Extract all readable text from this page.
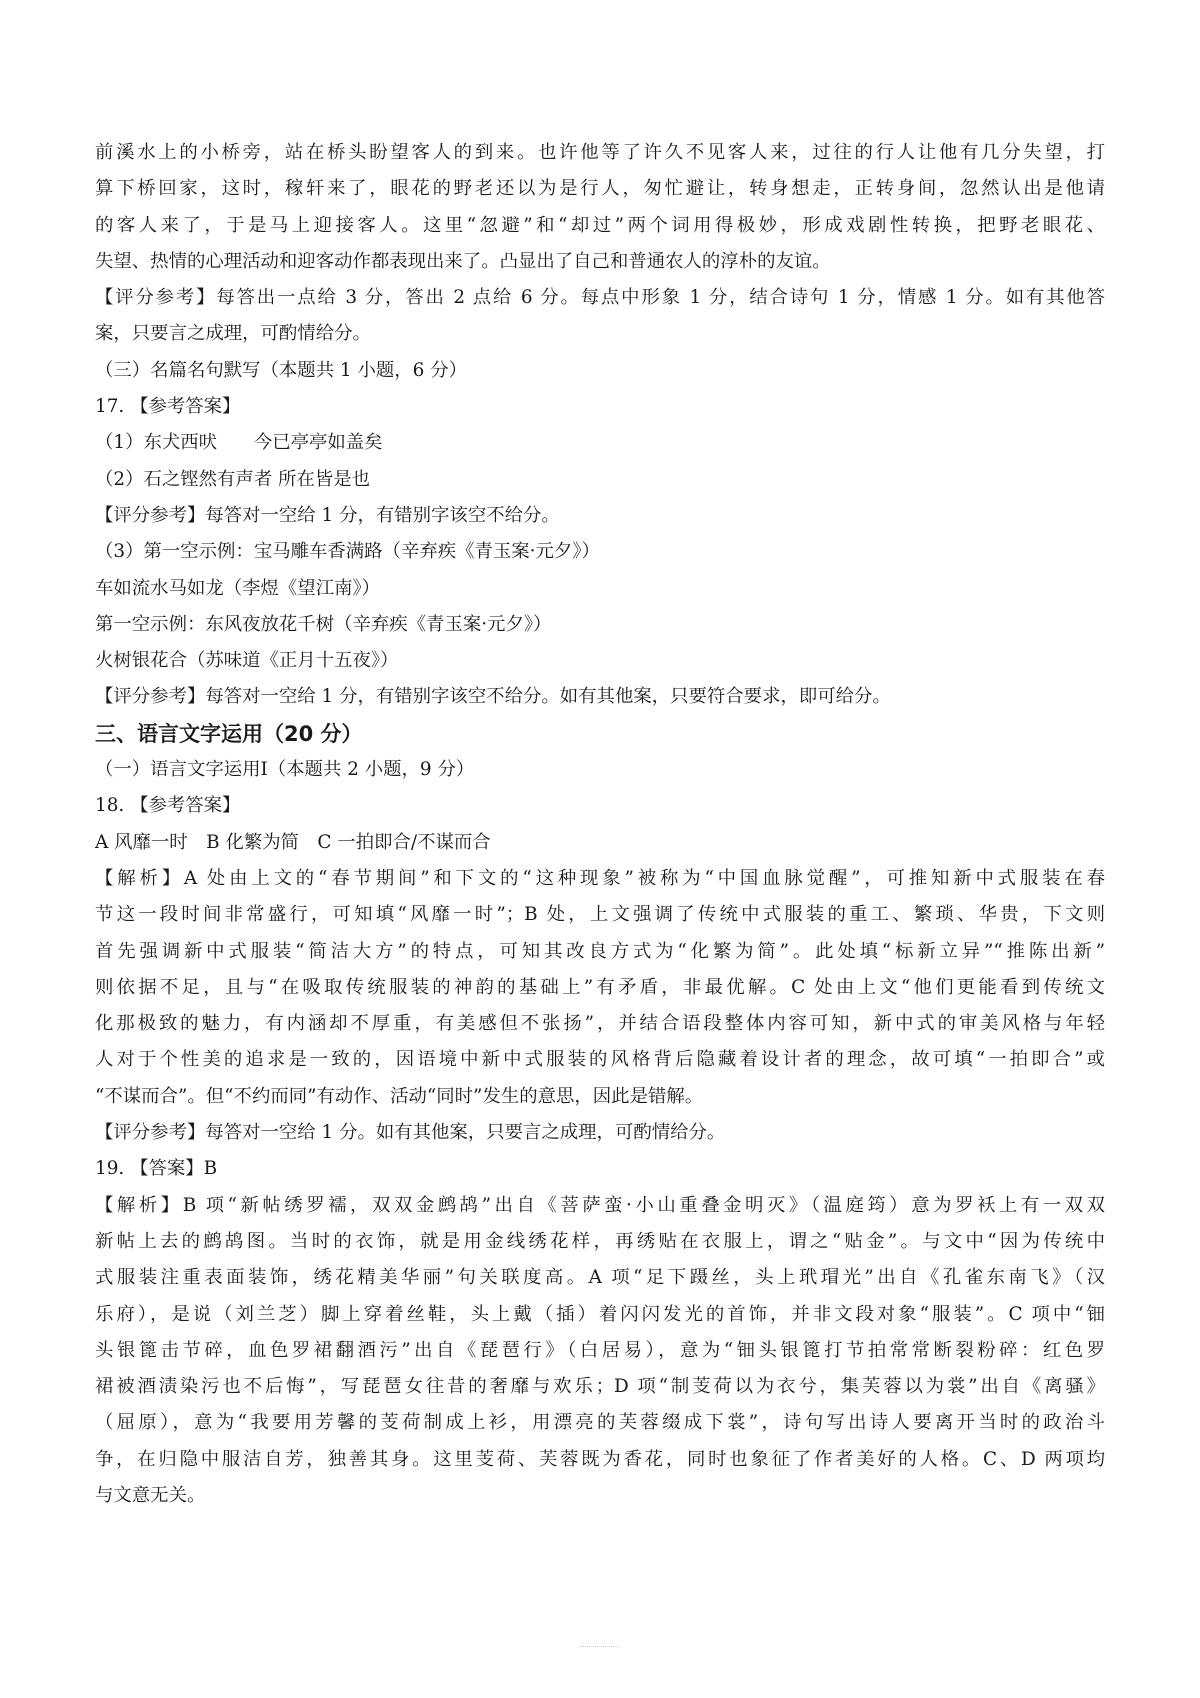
前溪水上的小桥旁，站在桥头盼望客人的到来。也许他等了许久不见客人来，过往的行人让他有几分失望，打
算下桥回家，这时，稼轩来了，眼花的野老还以为是行人，匆忙避让，转身想走，正转身间，忽然认出是他请
的客人来了，于是马上迎接客人。这里“忽避”和“却过”两个词用得极妙，形成戏剧性转换，把野老眼花、
失望、热情的心理活动和迎客动作都表现出来了。凸显出了自己和普通农人的淳朴的友谊。
【评分参考】每答出一点给 3 分，答出 2 点给 6 分。每点中形象 1 分，结合诗句 1 分，情感 1 分。如有其他答
案，只要言之成理，可酌情给分。
（三）名篇名句默写（本题共 1 小题，6 分）
17. 【参考答案】
（1）东犬西吠　　今已亭亭如盖矣
（2）石之铿然有声者 所在皆是也
【评分参考】每答对一空给 1 分，有错别字该空不给分。
（3）第一空示例：宝马雕车香满路（辛弃疾《青玉案·元夕》）
车如流水马如龙（李煜《望江南》）
第一空示例：东风夜放花千树（辛弃疾《青玉案·元夕》）
火树银花合（苏味道《正月十五夜》）
【评分参考】每答对一空给 1 分，有错别字该空不给分。如有其他案，只要符合要求，即可给分。
三、语言文字运用（20 分）
（一）语言文字运用Ⅰ（本题共 2 小题，9 分）
18. 【参考答案】
A 风靡一时　B 化繁为简　C 一拍即合/不谋而合
【解析】A 处由上文的“春节期间”和下文的“这种现象”被称为“中国血脉觉醒”，可推知新中式服装在春
节这一段时间非常盛行，可知填“风靡一时”；B 处，上文强调了传统中式服装的重工、繁琐、华贵，下文则
首先强调新中式服装“简洁大方”的特点，可知其改良方式为“化繁为简”。此处填“标新立异”“推陈出新”
则依据不足，且与“在吸取传统服装的神韵的基础上”有矛盾，非最优解。C 处由上文“他们更能看到传统文
化那极致的魅力，有内涵却不厚重，有美感但不张扬”，并结合语段整体内容可知，新中式的审美风格与年轻
人对于个性美的追求是一致的，因语境中新中式服装的风格背后隐藏着设计者的理念，故可填“一拍即合”或
“不谋而合”。但“不约而同”有动作、活动“同时”发生的意思，因此是错解。
【评分参考】每答对一空给 1 分。如有其他案，只要言之成理，可酌情给分。
19. 【答案】B
【解析】B 项“新帖绣罗襦，双双金鹧鸪”出自《菩萨蛮·小山重叠金明灭》（温庭筠）意为罗袄上有一双双
新帖上去的鹧鸪图。当时的衣饰，就是用金线绣花样，再绣贴在衣服上，谓之“贴金”。与文中“因为传统中
式服装注重表面装饰，绣花精美华丽”句关联度高。A 项“足下蹑丝，头上玳瑁光”出自《孔雀东南飞》（汉
乐府），是说（刘兰芝）脚上穿着丝鞋，头上戴（插）着闪闪发光的首饰，并非文段对象“服装”。C 项中“钿
头银篦击节碎，血色罗裙翻酒污”出自《琵琶行》（白居易），意为“钿头银篦打节拍常常断裂粉碎：红色罗
裙被酒渍染污也不后悔”，写琵琶女往昔的奢靡与欢乐；D 项“制芰荷以为衣兮，集芙蓉以为裳”出自《离骚》
（屈原），意为“我要用芳馨的芰荷制成上衫，用漂亮的芙蓉缀成下裳”，诗句写出诗人要离开当时的政治斗
争，在归隐中服洁自芳，独善其身。这里芰荷、芙蓉既为香花，同时也象征了作者美好的人格。C、D 两项均
与文意无关。
